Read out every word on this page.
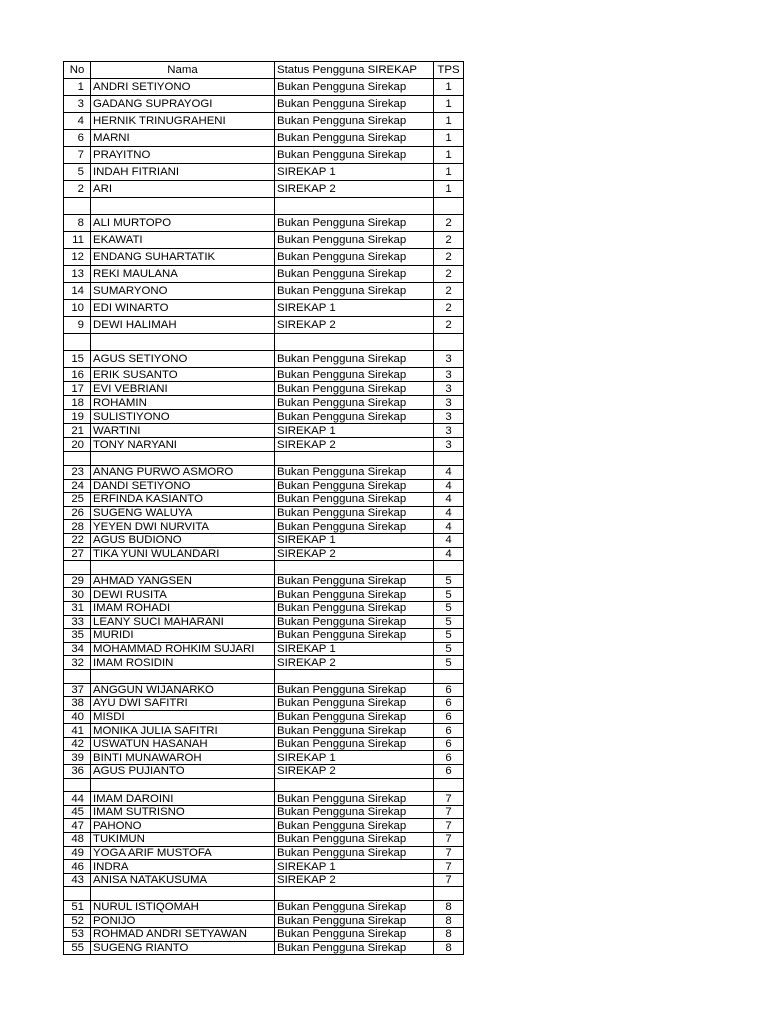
No	Nama	Status Pengguna SIREKAP	TPS
1	ANDRI SETIYONO	Bukan Pengguna Sirekap	1
3	GADANG SUPRAYOGI	Bukan Pengguna Sirekap	1
4	HERNIK TRINUGRAHENI	Bukan Pengguna Sirekap	1
6	MARNI	Bukan Pengguna Sirekap	1
7	PRAYITNO	Bukan Pengguna Sirekap	1
5	INDAH FITRIANI	SIREKAP 1	1
2	ARI	SIREKAP 2	1

8	ALI MURTOPO	Bukan Pengguna Sirekap	2
11	EKAWATI	Bukan Pengguna Sirekap	2
12	ENDANG SUHARTATIK	Bukan Pengguna Sirekap	2
13	REKI MAULANA	Bukan Pengguna Sirekap	2
14	SUMARYONO	Bukan Pengguna Sirekap	2
10	EDI WINARTO	SIREKAP 1	2
9	DEWI HALIMAH	SIREKAP 2	2

15	AGUS SETIYONO	Bukan Pengguna Sirekap	3
16	ERIK SUSANTO	Bukan Pengguna Sirekap	3
17	EVI VEBRIANI	Bukan Pengguna Sirekap	3
18	ROHAMIN	Bukan Pengguna Sirekap	3
19	SULISTIYONO	Bukan Pengguna Sirekap	3
21	WARTINI	SIREKAP 1	3
20	TONY NARYANI	SIREKAP 2	3

23	ANANG PURWO ASMORO	Bukan Pengguna Sirekap	4
24	DANDI SETIYONO	Bukan Pengguna Sirekap	4
25	ERFINDA KASIANTO	Bukan Pengguna Sirekap	4
26	SUGENG WALUYA	Bukan Pengguna Sirekap	4
28	YEYEN DWI NURVITA	Bukan Pengguna Sirekap	4
22	AGUS BUDIONO	SIREKAP 1	4
27	TIKA YUNI WULANDARI	SIREKAP 2	4

29	AHMAD YANGSEN	Bukan Pengguna Sirekap	5
30	DEWI RUSITA	Bukan Pengguna Sirekap	5
31	IMAM ROHADI	Bukan Pengguna Sirekap	5
33	LEANY SUCI MAHARANI	Bukan Pengguna Sirekap	5
35	MURIDI	Bukan Pengguna Sirekap	5
34	MOHAMMAD ROHKIM SUJARI	SIREKAP 1	5
32	IMAM ROSIDIN	SIREKAP 2	5

37	ANGGUN WIJANARKO	Bukan Pengguna Sirekap	6
38	AYU DWI SAFITRI	Bukan Pengguna Sirekap	6
40	MISDI	Bukan Pengguna Sirekap	6
41	MONIKA JULIA SAFITRI	Bukan Pengguna Sirekap	6
42	USWATUN HASANAH	Bukan Pengguna Sirekap	6
39	BINTI MUNAWAROH	SIREKAP 1	6
36	AGUS PUJIANTO	SIREKAP 2	6

44	IMAM DAROINI	Bukan Pengguna Sirekap	7
45	IMAM SUTRISNO	Bukan Pengguna Sirekap	7
47	PAHONO	Bukan Pengguna Sirekap	7
48	TUKIMUN	Bukan Pengguna Sirekap	7
49	YOGA ARIF MUSTOFA	Bukan Pengguna Sirekap	7
46	INDRA	SIREKAP 1	7
43	ANISA NATAKUSUMA	SIREKAP 2	7

51	NURUL ISTIQOMAH	Bukan Pengguna Sirekap	8
52	PONIJO	Bukan Pengguna Sirekap	8
53	ROHMAD ANDRI SETYAWAN	Bukan Pengguna Sirekap	8
55	SUGENG RIANTO	Bukan Pengguna Sirekap	8
